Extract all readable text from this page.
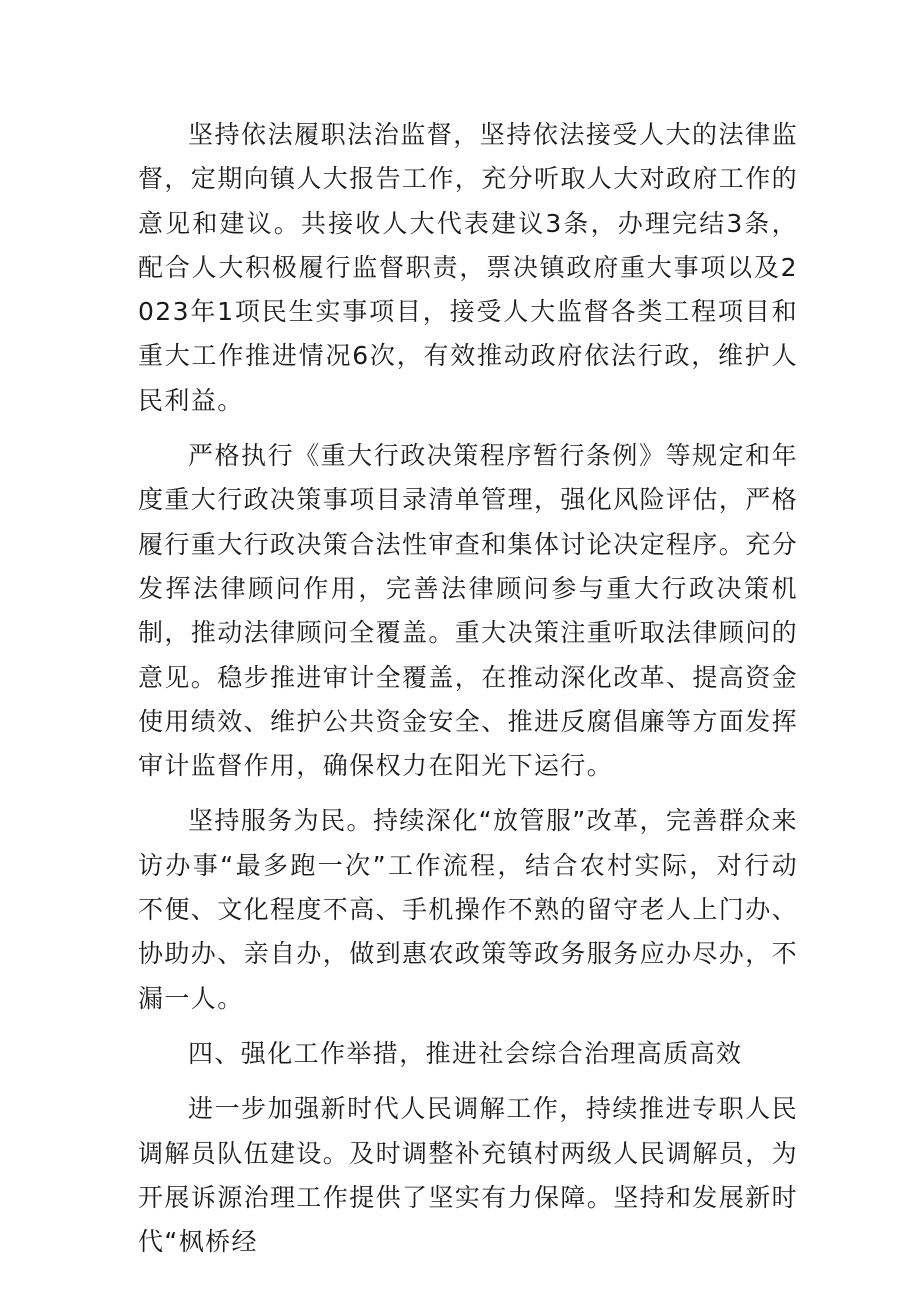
坚持依法履职法治监督，坚持依法接受人大的法律监督，定期向镇人大报告工作，充分听取人大对政府工作的意见和建议。共接收人大代表建议3条，办理完结3条，配合人大积极履行监督职责，票决镇政府重大事项以及2023年1项民生实事项目，接受人大监督各类工程项目和重大工作推进情况6次，有效推动政府依法行政，维护人民利益。

严格执行《重大行政决策程序暂行条例》等规定和年度重大行政决策事项目录清单管理，强化风险评估，严格履行重大行政决策合法性审查和集体讨论决定程序。充分发挥法律顾问作用，完善法律顾问参与重大行政决策机制，推动法律顾问全覆盖。重大决策注重听取法律顾问的意见。稳步推进审计全覆盖，在推动深化改革、提高资金使用绩效、维护公共资金安全、推进反腐倡廉等方面发挥审计监督作用，确保权力在阳光下运行。

坚持服务为民。持续深化“放管服”改革，完善群众来访办事“最多跑一次”工作流程，结合农村实际，对行动不便、文化程度不高、手机操作不熟的留守老人上门办、协助办、亲自办，做到惠农政策等政务服务应办尽办，不漏一人。

四、强化工作举措，推进社会综合治理高质高效

进一步加强新时代人民调解工作，持续推进专职人民调解员队伍建设。及时调整补充镇村两级人民调解员，为开展诉源治理工作提供了坚实有力保障。坚持和发展新时代“枫桥经
